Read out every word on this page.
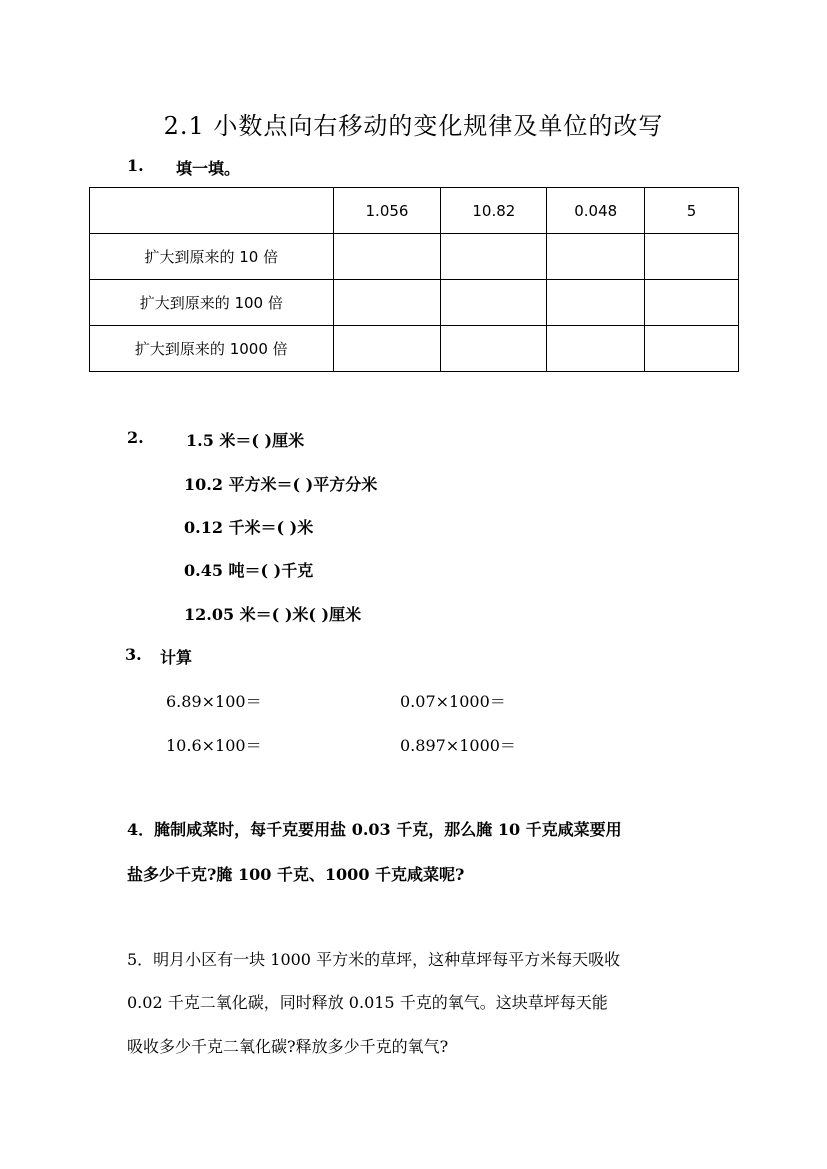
2.1 小数点向右移动的变化规律及单位的改写
1. 填一填。
	1.056	10.82	0.048	5
扩大到原来的 10 倍				
扩大到原来的 100 倍				
扩大到原来的 1000 倍				
2.	1.5 米＝( )厘米
10.2 平方米＝( )平方分米
0.12 千米＝( )米
0.45 吨＝( )千克
12.05 米＝( )米( )厘米
3. 计算
6.89×100＝	0.07×1000＝
10.6×100＝	0.897×1000＝
4．腌制咸菜时，每千克要用盐 0.03 千克，那么腌 10 千克咸菜要用
盐多少千克?腌 100 千克、1000 千克咸菜呢?
5．明月小区有一块 1000 平方米的草坪，这种草坪每平方米每天吸收
0.02 千克二氧化碳，同时释放 0.015 千克的氧气。这块草坪每天能
吸收多少千克二氧化碳?释放多少千克的氧气?
